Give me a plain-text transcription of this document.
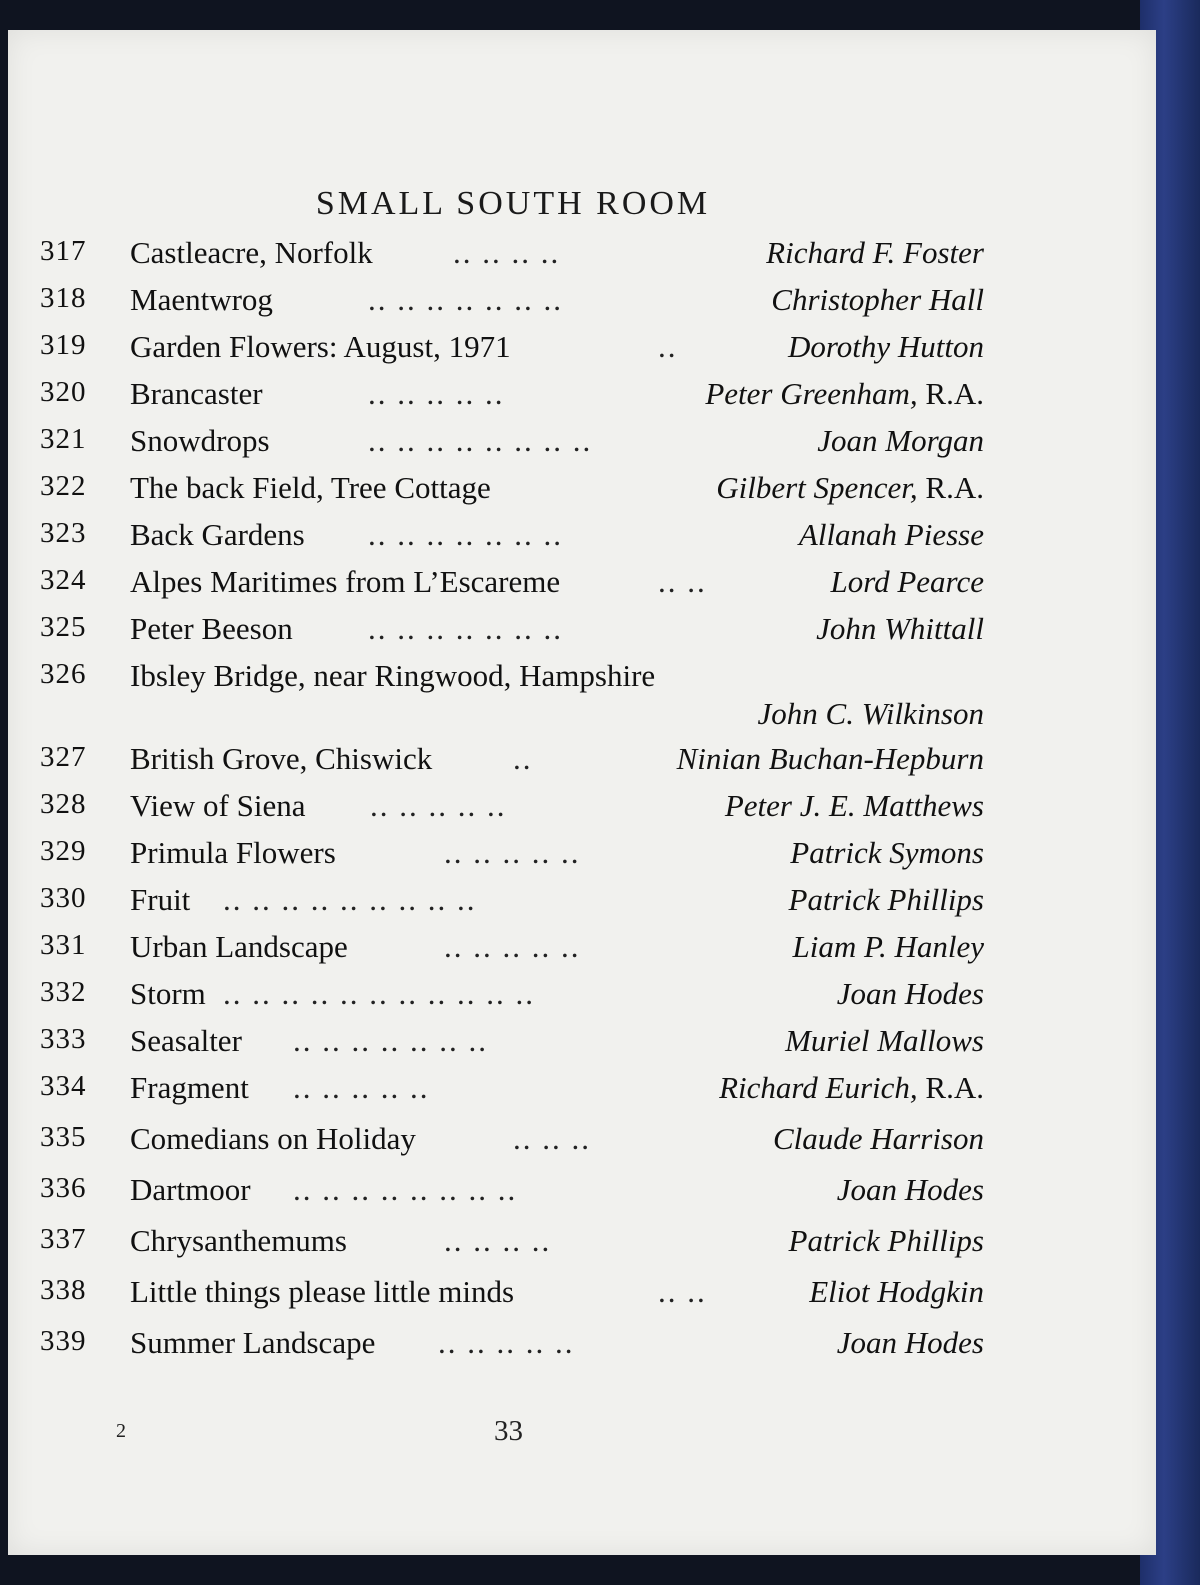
SMALL SOUTH ROOM
317	Castleacre, Norfolk	.. .. .. ..	Richard F. Foster
318	Maentwrog	.. .. .. .. .. .. ..	Christopher Hall
319	Garden Flowers: August, 1971	..	Dorothy Hutton
320	Brancaster	.. .. .. .. ..	Peter Greenham, R.A.
321	Snowdrops	.. .. .. .. .. .. .. ..	Joan Morgan
322	The back Field, Tree Cottage	Gilbert Spencer, R.A.
323	Back Gardens .. .. .. .. .. .. ..	Allanah Piesse
324	Alpes Maritimes from L’Escareme	.. ..	Lord Pearce
325	Peter Beeson .. .. .. .. .. .. ..	John Whittall
326	Ibsley Bridge, near Ringwood, Hampshire
John C. Wilkinson
327	British Grove, Chiswick	..	Ninian Buchan-Hepburn
328	View of Siena .. .. .. .. ..	Peter J. E. Matthews
329	Primula Flowers	.. .. .. .. ..	Patrick Symons
330	Fruit .. .. .. .. .. .. .. .. ..	Patrick Phillips
331	Urban Landscape	.. .. .. .. ..	Liam P. Hanley
332	Storm .. .. .. .. .. .. .. .. .. .. ..	Joan Hodes
333	Seasalter .. .. .. .. .. .. ..	Muriel Mallows
334	Fragment .. .. .. .. ..	Richard Eurich, R.A.
335	Comedians on Holiday	.. .. ..	Claude Harrison
336	Dartmoor .. .. .. .. .. .. .. ..	Joan Hodes
337	Chrysanthemums	.. .. .. ..	Patrick Phillips
338	Little things please little minds	.. ..	Eliot Hodgkin
339	Summer Landscape .. .. .. .. ..	Joan Hodes
2	33
